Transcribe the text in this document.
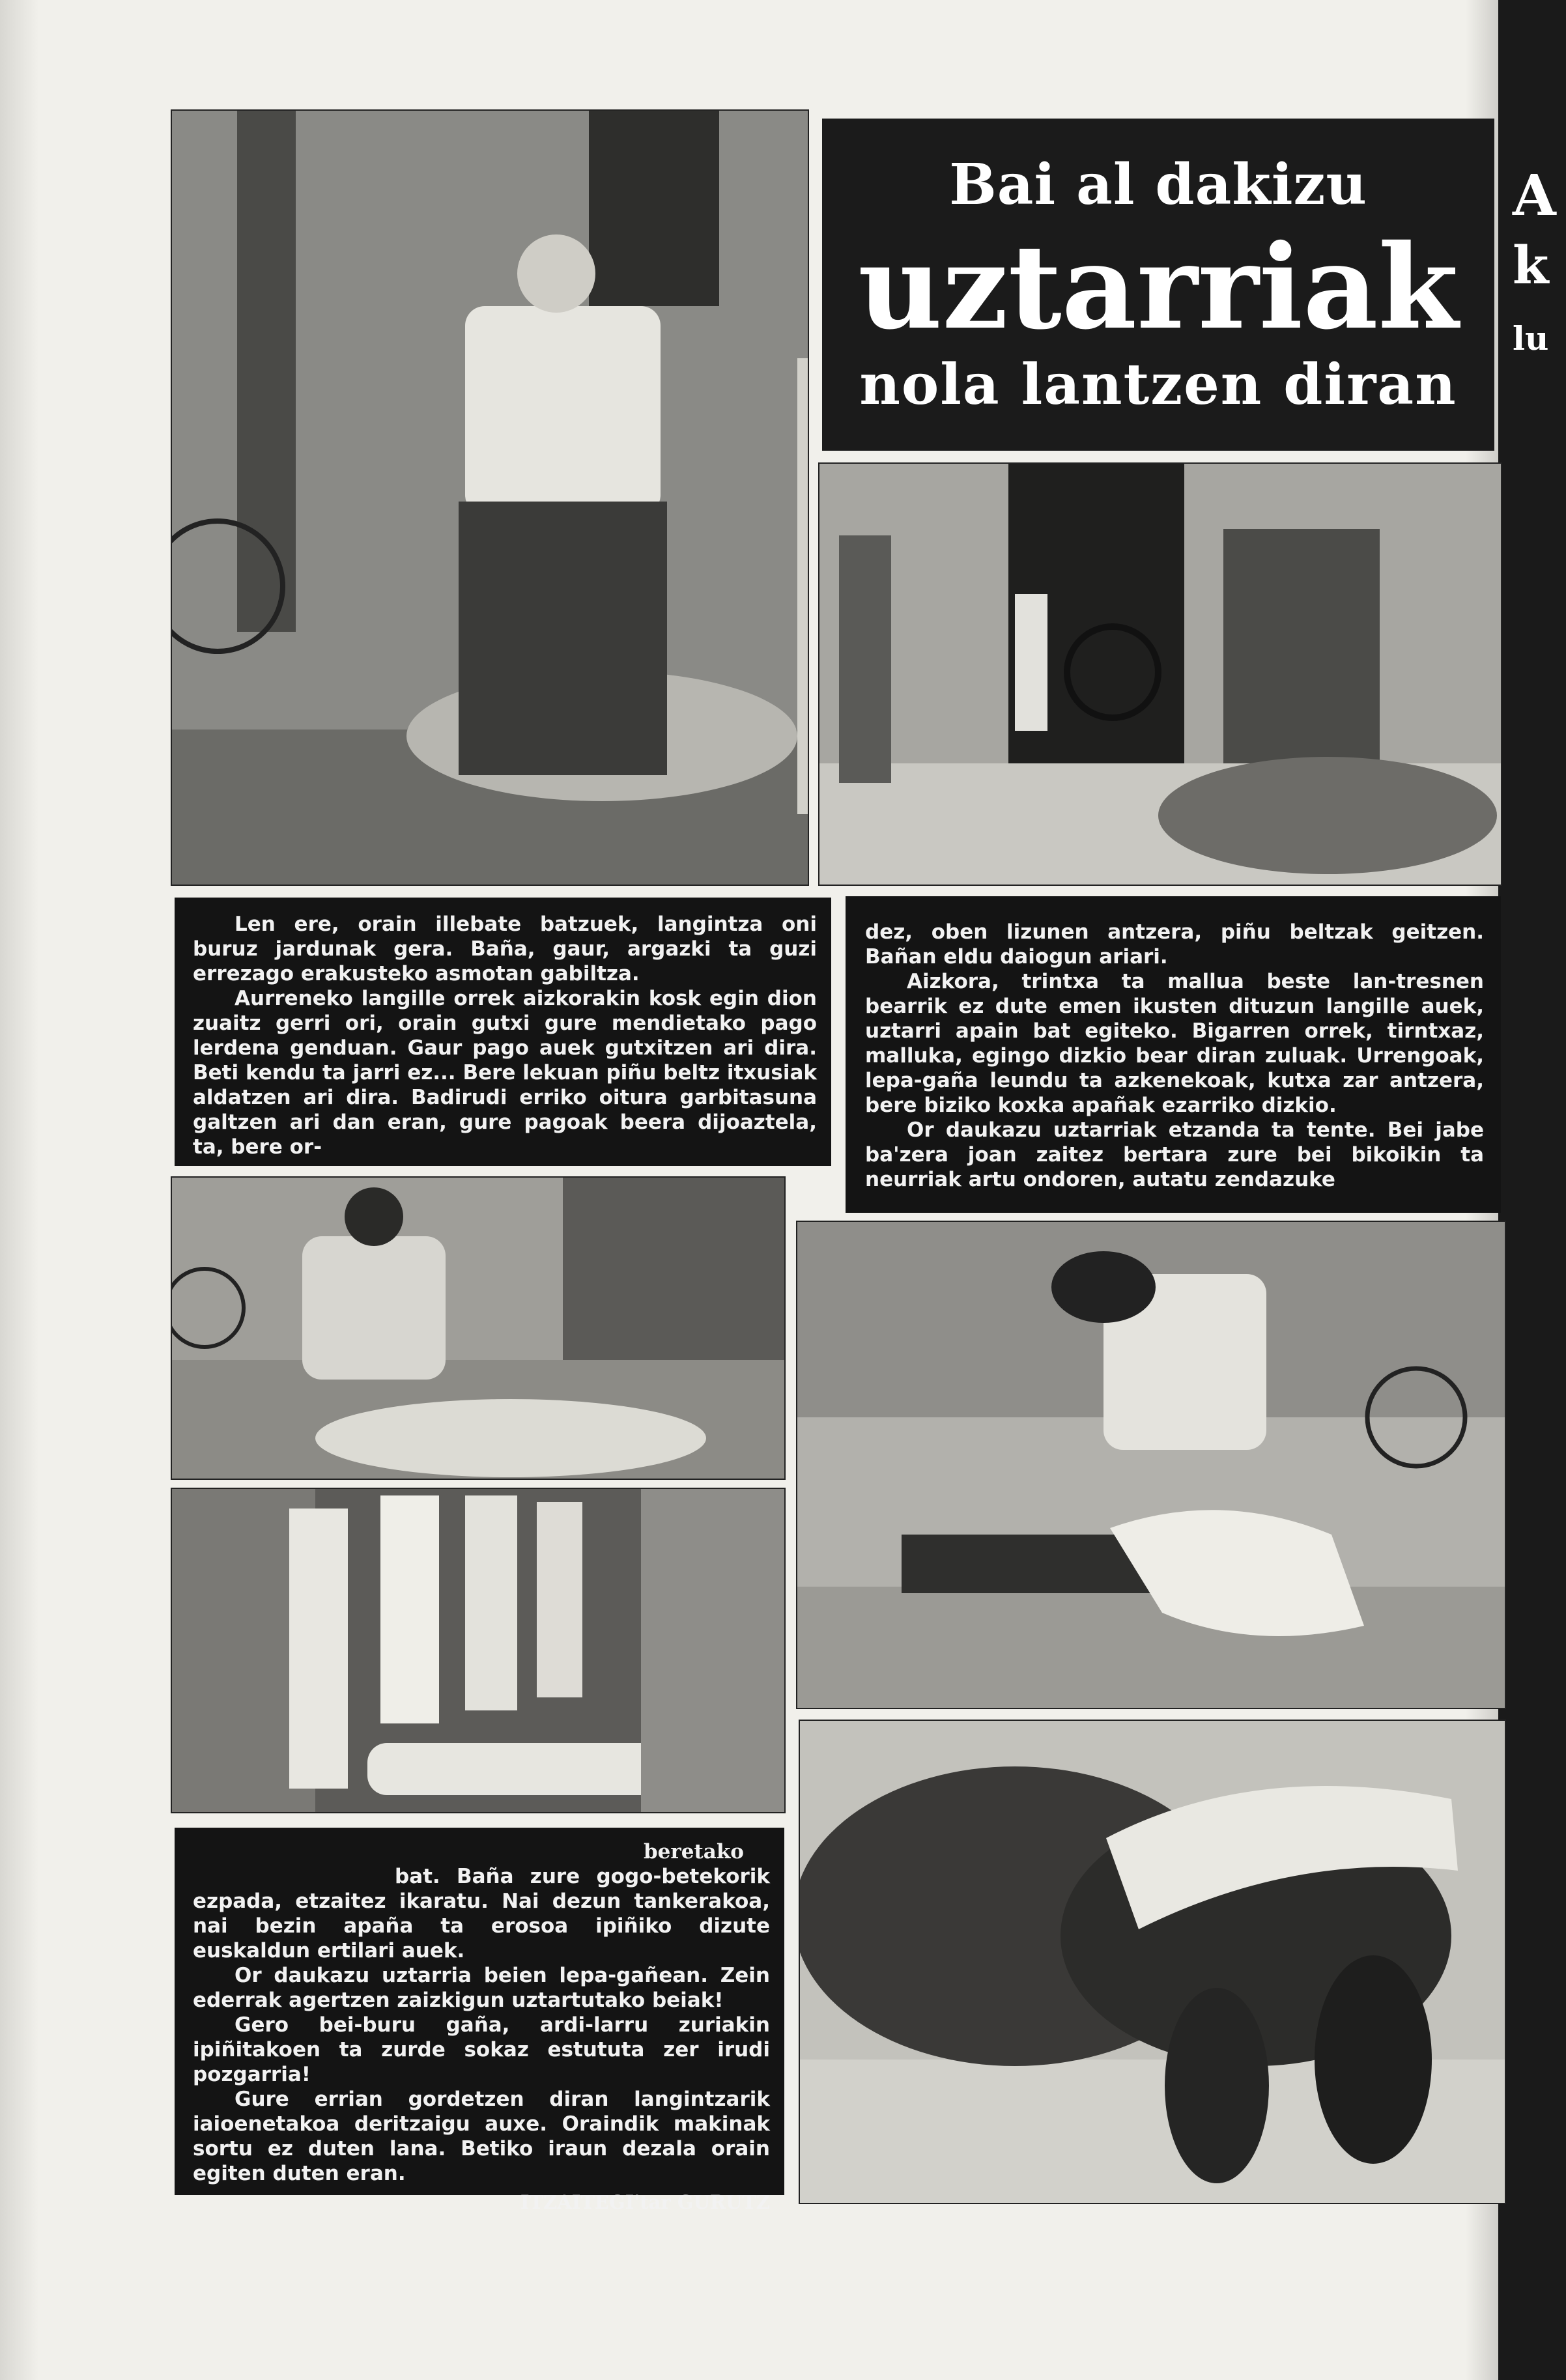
A
k
lu
Bai al dakizu
uztarriak
nola lantzen diran

Len ere, orain illebate batzuek, langintza oni buruz jardunak gera. Baña, gaur, argazki ta guzi errezago erakusteko asmotan gabiltza.

Aurreneko langille orrek aizkorakin kosk egin dion zuaitz gerri ori, orain gutxi gure mendietako pago lerdena genduan. Gaur pago auek gutxitzen ari dira. Beti kendu ta jarri ez... Bere lekuan piñu beltz itxusiak aldatzen ari dira. Badirudi erriko oitura garbitasuna galtzen ari dan eran, gure pagoak beera dijoaztela, ta, bere or-

dez, oben lizunen antzera, piñu beltzak geitzen. Bañan eldu daiogun ariari.

Aizkora, trintxa ta mallua beste lan-tresnen bearrik ez dute emen ikusten dituzun langille auek, uztarri apain bat egiteko. Bigarren orrek, tirntxaz, malluka, egingo dizkio bear diran zuluak. Urrengoak, lepa-gaña leundu ta azkenekoak, kutxa zar antzera, bere biziko koxka apañak ezarriko dizkio.

Or daukazu uztarriak etzanda ta tente. Bei jabe ba'zera joan zaitez bertara zure bei bikoikin ta neurriak artu ondoren, autatu zendazuke

beretako

bat. Baña zure gogo-betekorik ezpada, etzaitez ikaratu. Nai dezun tankerakoa, nai bezin apaña ta erosoa ipiñiko dizute euskaldun ertilari auek.

Or daukazu uztarria beien lepa-gañean. Zein ederrak agertzen zaizkigun uztartutako beiak!

Gero bei-buru gaña, ardi-larru zuriakin ipiñitakoen ta zurde sokaz estututa zer irudi pozgarria!

Gure errian gordetzen diran langintzarik iaioenetakoa deritzaigu auxe. Oraindik makinak sortu ez duten lana. Betiko iraun dezala orain egiten duten eran.

ITZAITEGI'tar GURUTZ
